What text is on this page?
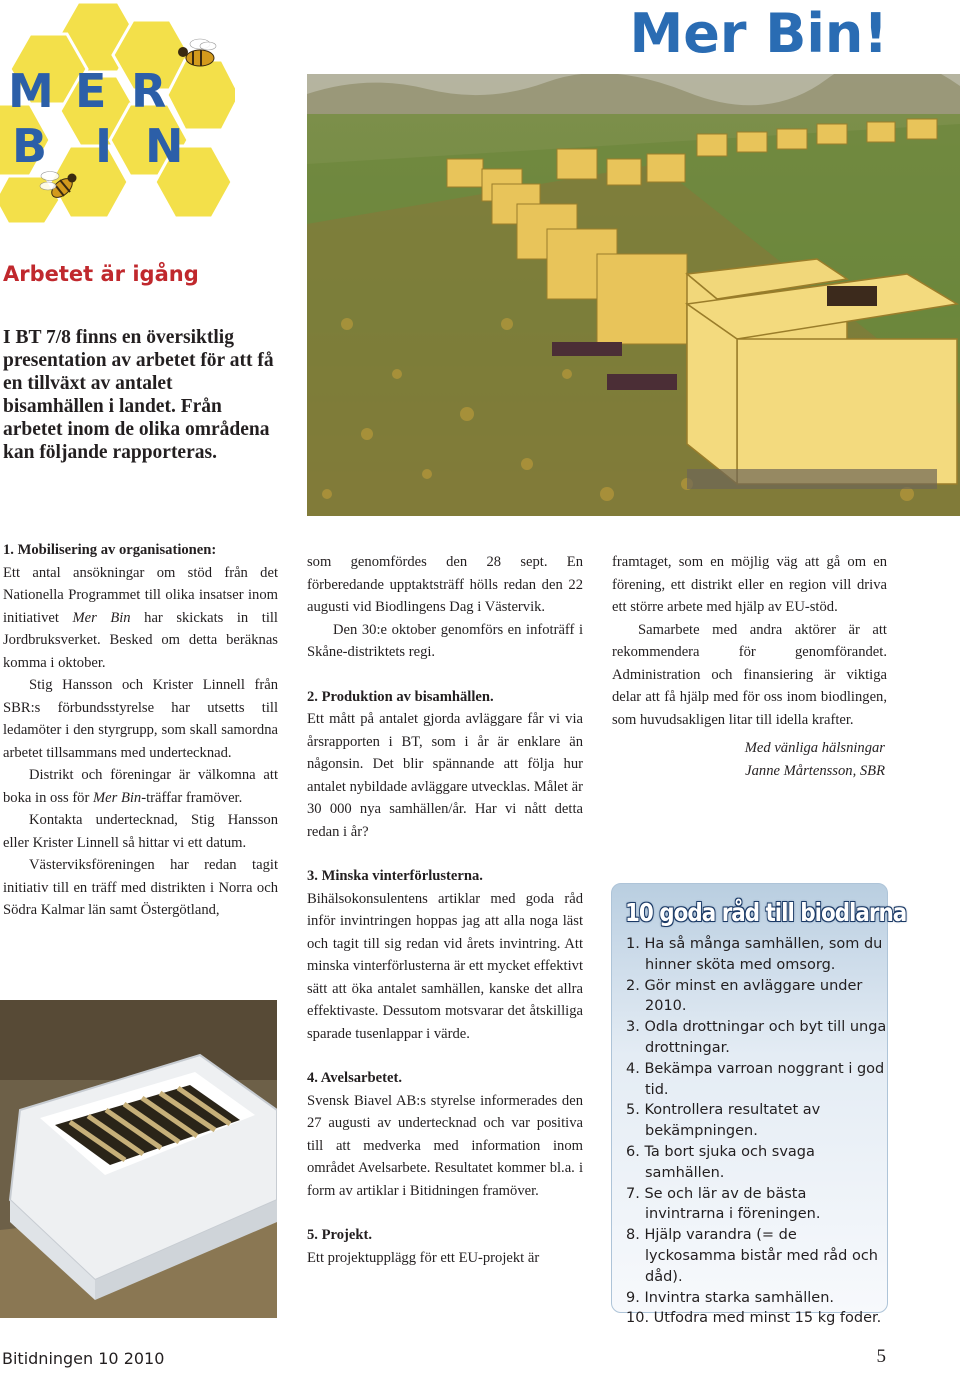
M E R
B I N
Mer Bin!
Arbetet är igång
I BT 7/8 finns en översiktlig presentation av arbetet för att få en tillväxt av antalet bisamhällen i landet. Från arbetet inom de olika områdena kan följande rapporteras.

1. Mobilisering av organisationen:

Ett antal ansökningar om stöd från det Nationella Programmet till olika insatser inom initiativet Mer Bin har skickats in till Jordbruksverket. Besked om detta beräknas komma i oktober.

Stig Hansson och Krister Linnell från SBR:s förbundsstyrelse har utsetts till ledamöter i den styrgrupp, som skall samordna arbetet tillsammans med undertecknad.

Distrikt och föreningar är välkomna att boka in oss för Mer Bin-träffar framöver.

Kontakta undertecknad, Stig Hansson eller Krister Linnell så hittar vi ett datum.

Västerviksföreningen har redan tagit initiativ till en träff med distrikten i Norra och Södra Kalmar län samt Östergötland,

som genomfördes den 28 sept. En förberedande upptaktsträff hölls redan den 22 augusti vid Biodlingens Dag i Västervik.

Den 30:e oktober genomförs en infoträff i Skåne-distriktets regi.

2. Produktion av bisamhällen.

Ett mått på antalet gjorda avläggare får vi via årsrapporten i BT, som i år är enklare än någonsin. Det blir spännande att följa hur antalet nybildade avläggare utvecklas. Målet är 30 000 nya samhällen/år. Har vi nått detta redan i år?

3. Minska vinterförlusterna.

Bihälsokonsulentens artiklar med goda råd inför invintringen hoppas jag att alla noga läst och tagit till sig redan vid årets invintring. Att minska vinterförlusterna är ett mycket effektivt sätt att öka antalet samhällen, kanske det allra effektivaste. Dessutom motsvarar det åtskilliga sparade tusenlappar i värde.

4. Avelsarbetet.

Svensk Biavel AB:s styrelse informerades den 27 augusti av undertecknad och var positiva till att medverka med information inom området Avelsarbete. Resultatet kommer bl.a. i form av artiklar i Bitidningen framöver.

5. Projekt.

Ett projektupplägg för ett EU-projekt är

framtaget, som en möjlig väg att gå om en förening, ett distrikt eller en region vill driva ett större arbete med hjälp av EU-stöd.

Samarbete med andra aktörer är att rekommendera för genomförandet. Administration och finansiering är viktiga delar att få hjälp med för oss inom biodlingen, som huvudsakligen litar till idella krafter.

Med vänliga hälsningar
Janne Mårtensson, SBR
10 goda råd till biodlarna
1. Ha så många samhällen, som du hinner sköta med omsorg.
2. Gör minst en avläggare under 2010.
3. Odla drottningar och byt till unga drottningar.
4. Bekämpa varroan noggrant i god tid.
5. Kontrollera resultatet av bekämpningen.
6. Ta bort sjuka och svaga samhällen.
7. Se och lär av de bästa invintrarna i föreningen.
8. Hjälp varandra (= de lyckosamma bistår med råd och dåd).
9. Invintra starka samhällen.
10. Utfodra med minst 15 kg foder.
Bitidningen 10 2010	5
